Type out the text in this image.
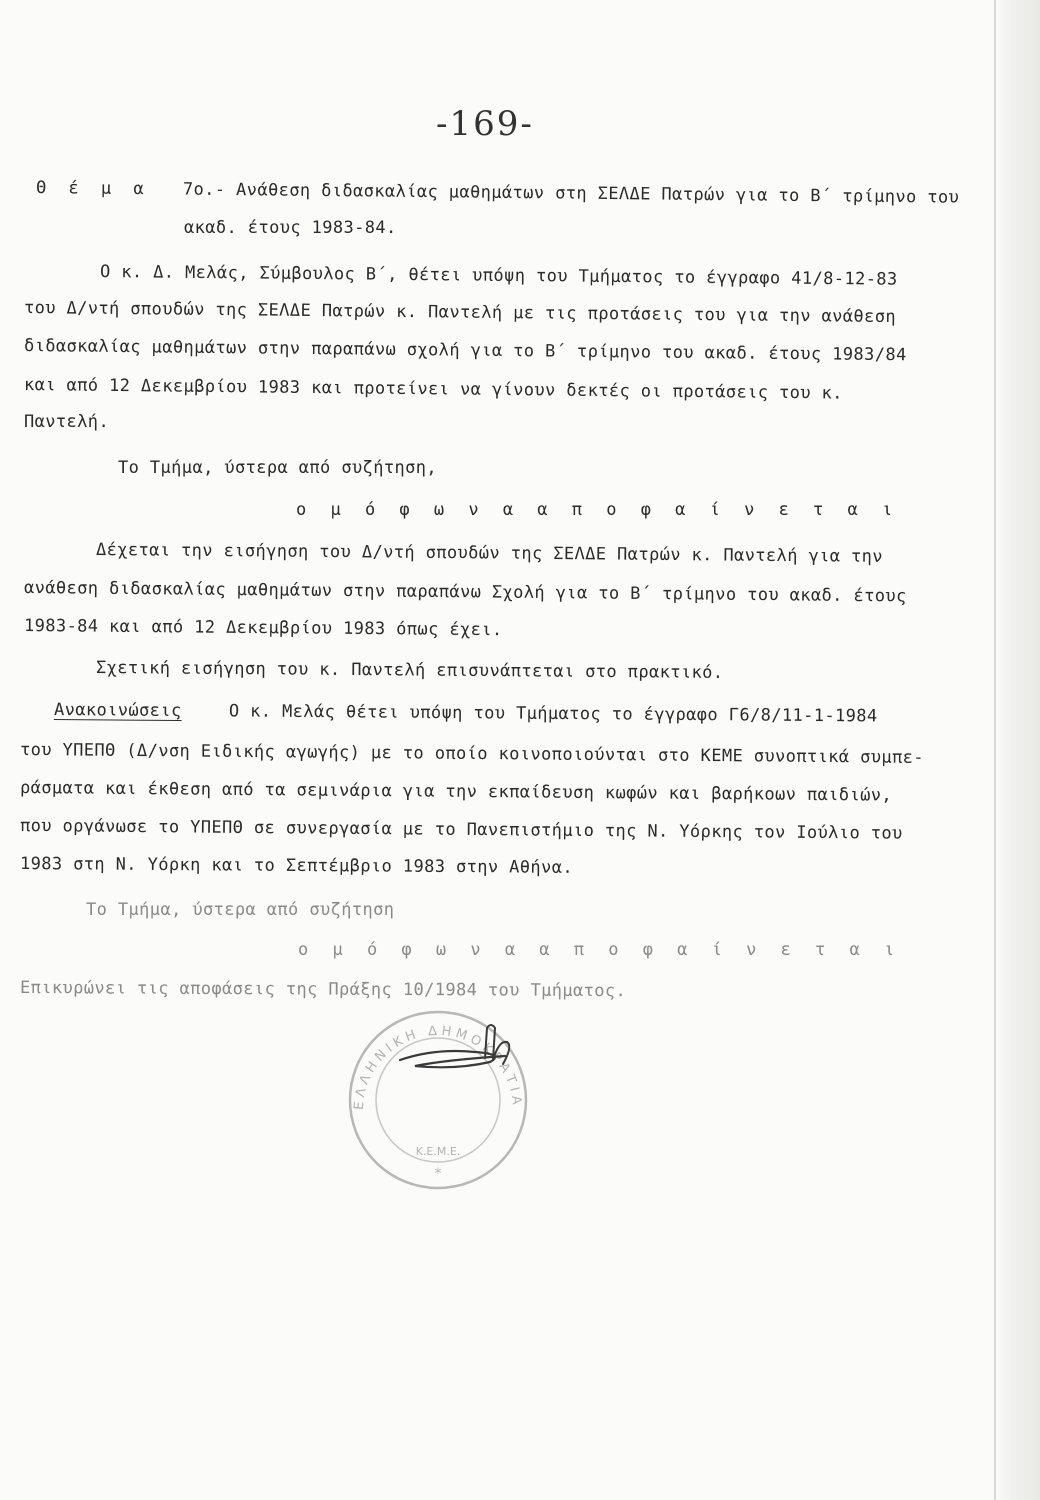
-169-
Θ έ μ α 7ο.- Ανάθεση διδασκαλίας μαθημάτων στη ΣΕΛΔΕ Πατρών για το Β΄ τρίμηνο του
ακαδ. έτους 1983-84.
Ο κ. Δ. Μελάς, Σύμβουλος Β΄, θέτει υπόψη του Τμήματος το έγγραφο 41/8-12-83
του Δ/ντή σπουδών της ΣΕΛΔΕ Πατρών κ. Παντελή με τις προτάσεις του για την ανάθεση
διδασκαλίας μαθημάτων στην παραπάνω σχολή για το Β΄ τρίμηνο του ακαδ. έτους 1983/84
και από 12 Δεκεμβρίου 1983 και προτείνει να γίνουν δεκτές οι προτάσεις του κ.
Παντελή.
Το Τμήμα, ύστερα από συζήτηση,
ο μ ό φ ω ν α α π ο φ α ί ν ε τ α ι
Δέχεται την εισήγηση του Δ/ντή σπουδών της ΣΕΛΔΕ Πατρών κ. Παντελή για την
ανάθεση διδασκαλίας μαθημάτων στην παραπάνω Σχολή για το Β΄ τρίμηνο του ακαδ. έτους
1983-84 και από 12 Δεκεμβρίου 1983 όπως έχει.
Σχετική εισήγηση του κ. Παντελή επισυνάπτεται στο πρακτικό.
Ανακοινώσεις	Ο κ. Μελάς θέτει υπόψη του Τμήματος το έγγραφο Γ6/8/11-1-1984
του ΥΠΕΠΘ (Δ/νση Ειδικής αγωγής) με το οποίο κοινοποιούνται στο ΚΕΜΕ συνοπτικά συμπε-
ράσματα και έκθεση από τα σεμινάρια για την εκπαίδευση κωφών και βαρήκοων παιδιών,
που οργάνωσε το ΥΠΕΠΘ σε συνεργασία με το Πανεπιστήμιο της Ν. Υόρκης τον Ιούλιο του
1983 στη Ν. Υόρκη και το Σεπτέμβριο 1983 στην Αθήνα.
Το Τμήμα, ύστερα από συζήτηση
ο μ ό φ ω ν α α π ο φ α ί ν ε τ α ι
Επικυρώνει τις αποφάσεις της Πράξης 10/1984 του Τμήματος.
ΕΛΛΗΝΙΚΗ ΔΗΜΟΚΡΑΤΙΑ
Κ.Ε.Μ.Ε.
*
